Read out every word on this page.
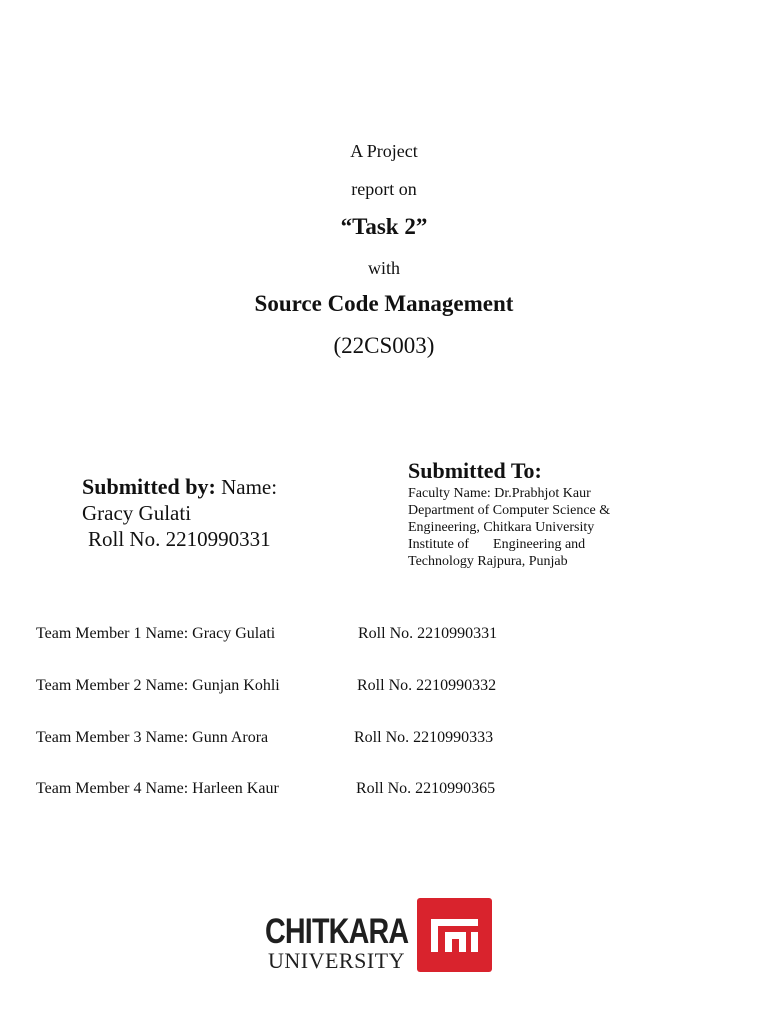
A Project
report on
“Task 2”
with
Source Code Management
(22CS003)
Submitted by: Name:
Gracy Gulati
Roll No. 2210990331
Submitted To:
Faculty Name: Dr.Prabhjot Kaur
Department of Computer Science &
Engineering, Chitkara University
Institute of Engineering and
Technology Rajpura, Punjab
Team Member 1 Name: Gracy Gulati	Roll No. 2210990331
Team Member 2 Name: Gunjan Kohli	Roll No. 2210990332
Team Member 3 Name: Gunn Arora	Roll No. 2210990333
Team Member 4 Name: Harleen Kaur	Roll No. 2210990365
CHITKARA
UNIVERSITY
